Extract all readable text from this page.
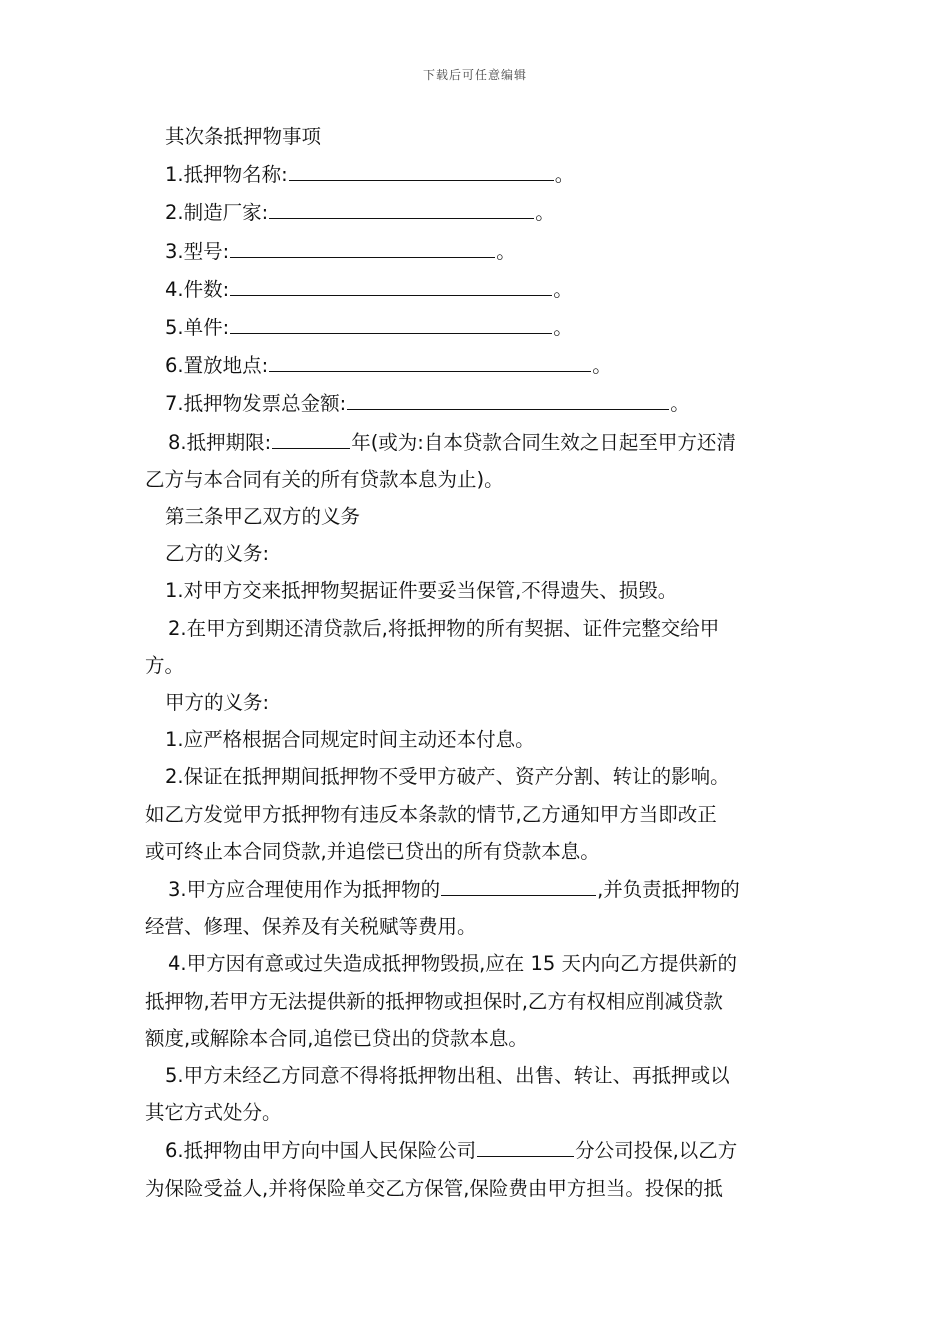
下载后可任意编辑

其次条抵押物事项

1.抵押物名称:	。

2.制造厂家:	。

3.型号:	。

4.件数:	。

5.单件:	。

6.置放地点:	。

7.抵押物发票总金额:	。

8.抵押期限:	年(或为:自本贷款合同生效之日起至甲方还清

乙方与本合同有关的所有贷款本息为止)。

第三条甲乙双方的义务

乙方的义务:

1.对甲方交来抵押物契据证件要妥当保管,不得遗失、损毁。

2.在甲方到期还清贷款后,将抵押物的所有契据、证件完整交给甲

方。

甲方的义务:

1.应严格根据合同规定时间主动还本付息。

2.保证在抵押期间抵押物不受甲方破产、资产分割、转让的影响。

如乙方发觉甲方抵押物有违反本条款的情节,乙方通知甲方当即改正

或可终止本合同贷款,并追偿已贷出的所有贷款本息。

3.甲方应合理使用作为抵押物的	,并负责抵押物的

经营、修理、保养及有关税赋等费用。

4.甲方因有意或过失造成抵押物毁损,应在 15 天内向乙方提供新的

抵押物,若甲方无法提供新的抵押物或担保时,乙方有权相应削减贷款

额度,或解除本合同,追偿已贷出的贷款本息。

5.甲方未经乙方同意不得将抵押物出租、出售、转让、再抵押或以

其它方式处分。

6.抵押物由甲方向中国人民保险公司	分公司投保,以乙方

为保险受益人,并将保险单交乙方保管,保险费由甲方担当。投保的抵
